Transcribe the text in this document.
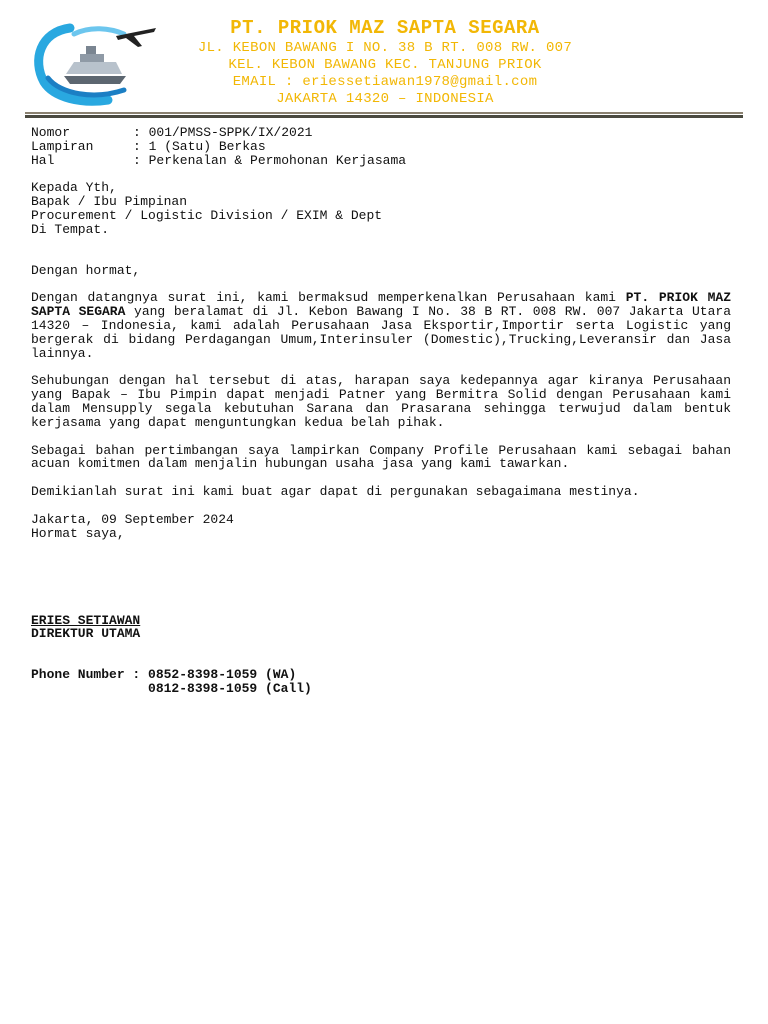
PT. PRIOK MAZ SAPTA SEGARA
JL. KEBON BAWANG I NO. 38 B RT. 008 RW. 007
KEL. KEBON BAWANG KEC. TANJUNG PRIOK
EMAIL : eriessetiawan1978@gmail.com
JAKARTA 14320 – INDONESIA
Nomor	: 001/PMSS-SPPK/IX/2021
Lampiran	: 1 (Satu) Berkas
Hal	: Perkenalan & Permohonan Kerjasama

Kepada Yth,

Bapak / Ibu Pimpinan

Procurement / Logistic Division / EXIM & Dept

Di Tempat.

Dengan hormat,

Dengan datangnya surat ini, kami bermaksud memperkenalkan Perusahaan kami PT. PRIOK MAZ SAPTA SEGARA yang beralamat di Jl. Kebon Bawang I No. 38 B RT. 008 RW. 007 Jakarta Utara 14320 – Indonesia, kami adalah Perusahaan Jasa Eksportir,Importir serta Logistic yang bergerak di bidang Perdagangan Umum,Interinsuler (Domestic),Trucking,Leveransir dan Jasa lainnya.

Sehubungan dengan hal tersebut di atas, harapan saya kedepannya agar kiranya Perusahaan yang Bapak – Ibu Pimpin dapat menjadi Patner yang Bermitra Solid dengan Perusahaan kami dalam Mensupply segala kebutuhan Sarana dan Prasarana sehingga terwujud dalam bentuk kerjasama yang dapat menguntungkan kedua belah pihak.

Sebagai bahan pertimbangan saya lampirkan Company Profile Perusahaan kami sebagai bahan acuan komitmen dalam menjalin hubungan usaha jasa yang kami tawarkan.

Demikianlah surat ini kami buat agar dapat di pergunakan sebagaimana mestinya.

Jakarta, 09 September 2024

Hormat saya,

ERIES SETIAWAN

DIREKTUR UTAMA

Phone Number : 0852-8398-1059 (WA)

0812-8398-1059 (Call)
